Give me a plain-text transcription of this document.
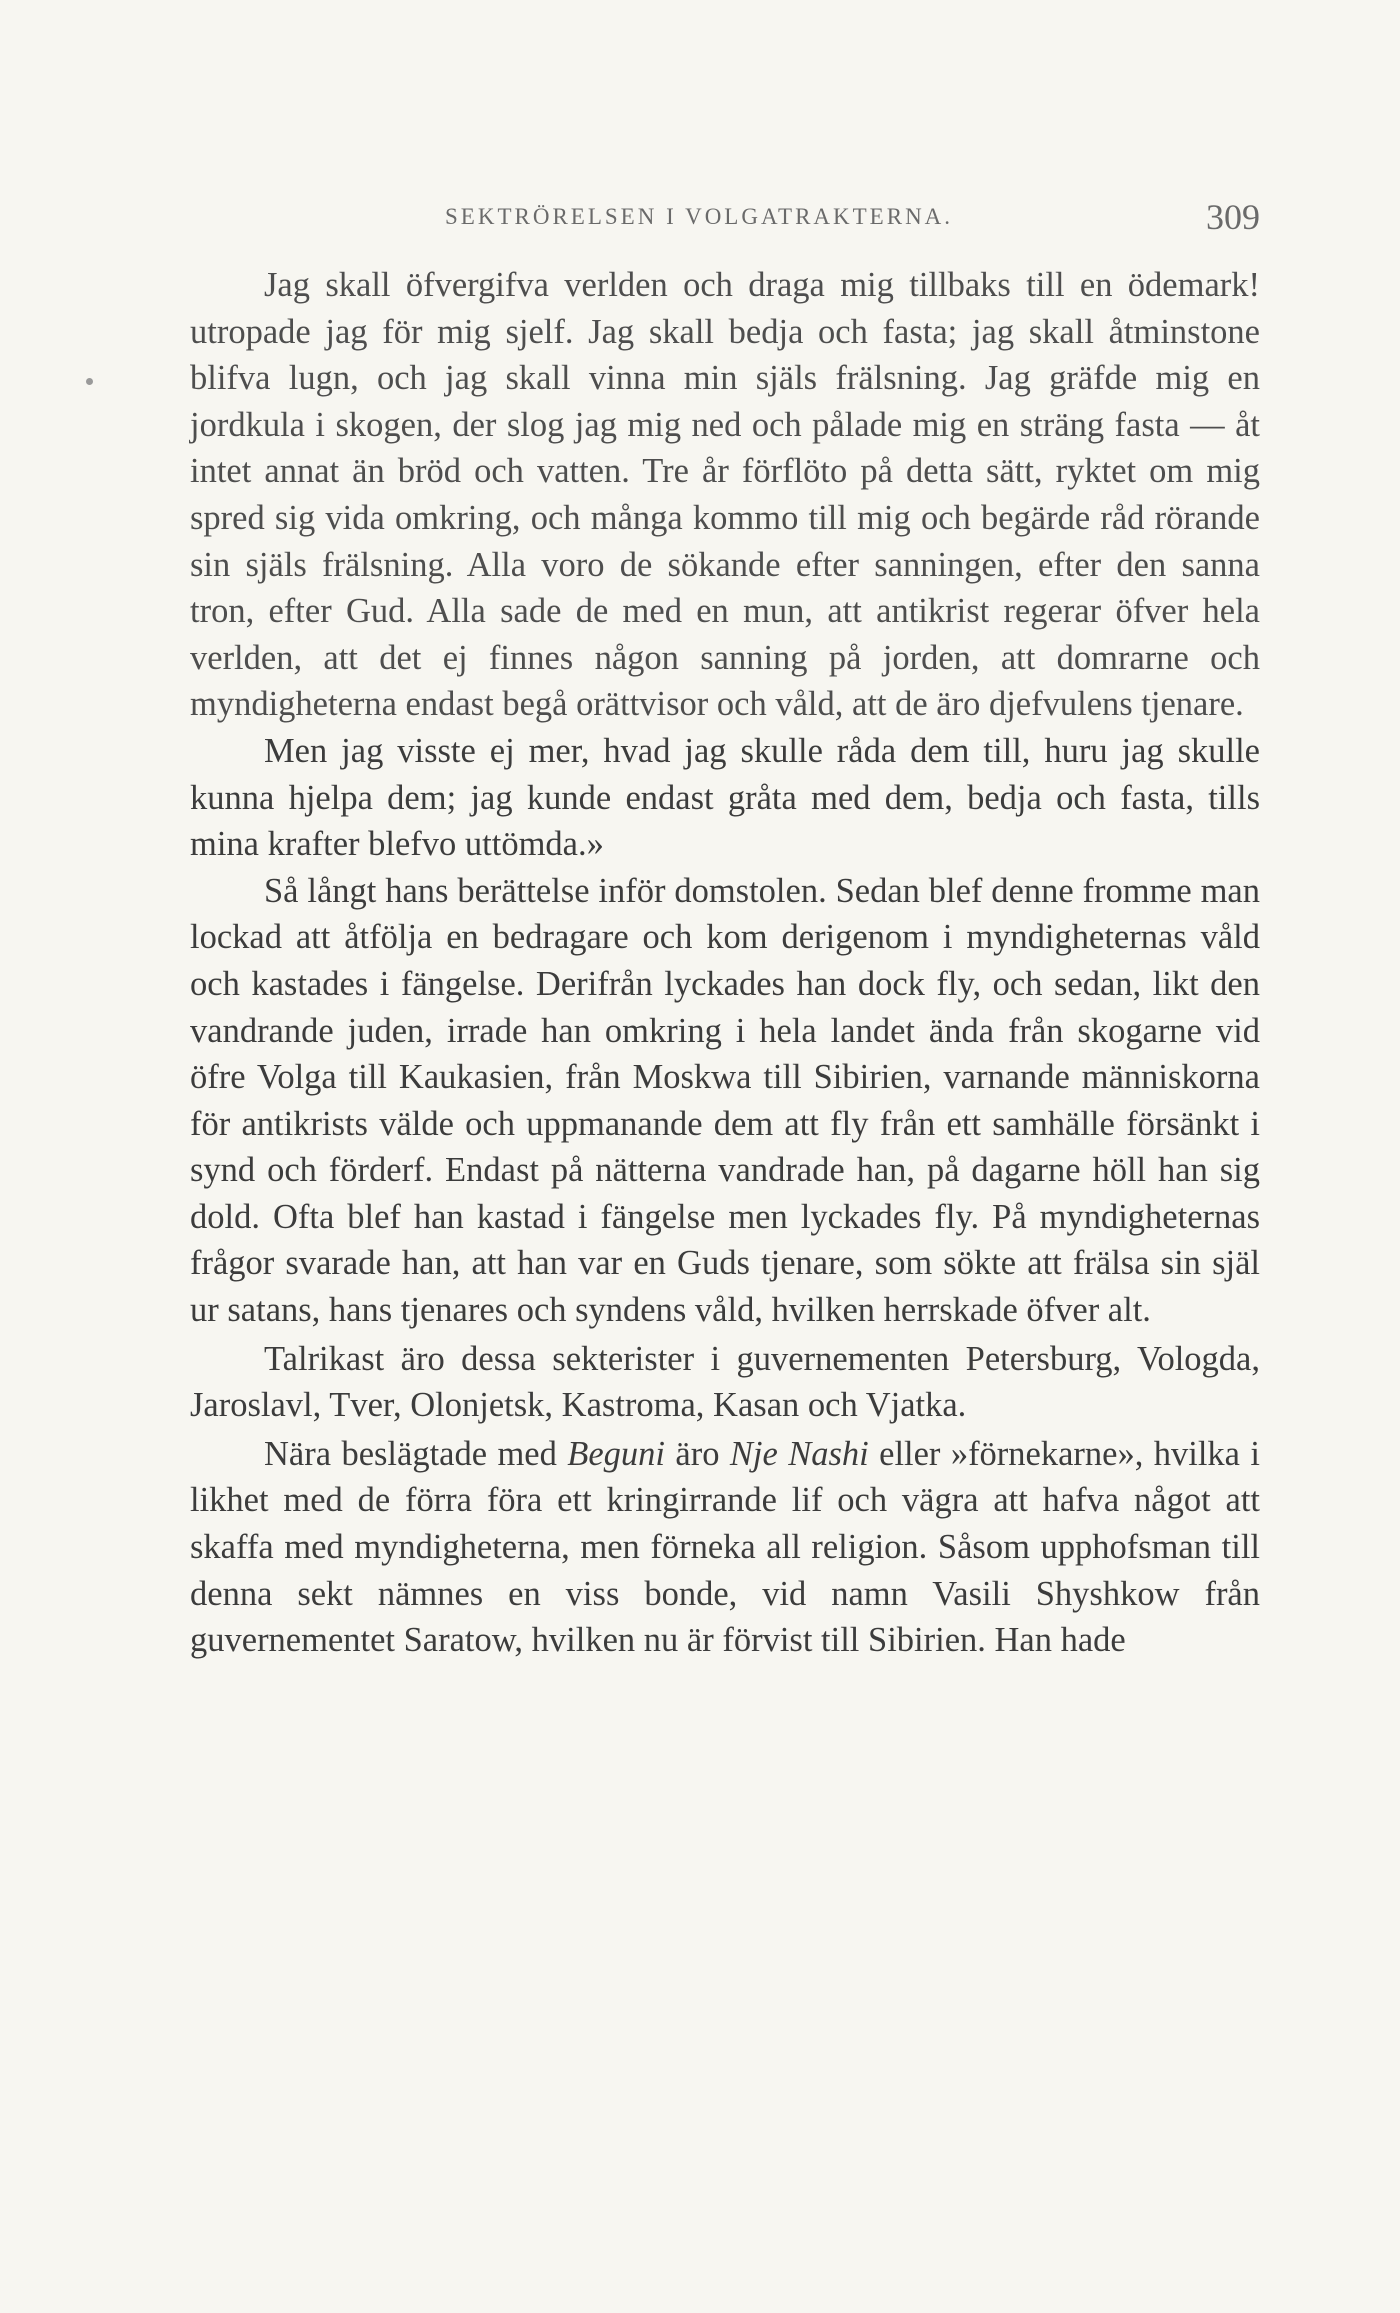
SEKTRÖRELSEN I VOLGATRAKTERNA.	309

Jag skall öfvergifva verlden och draga mig tillbaks till en ödemark! utropade jag för mig sjelf. Jag skall bedja och fasta; jag skall åtminstone blifva lugn, och jag skall vinna min själs frälsning. Jag gräfde mig en jordkula i skogen, der slog jag mig ned och pålade mig en sträng fasta — åt intet annat än bröd och vatten. Tre år förflöto på detta sätt, ryktet om mig spred sig vida omkring, och många kommo till mig och begärde råd rörande sin själs frälsning. Alla voro de sökande efter sanningen, efter den sanna tron, efter Gud. Alla sade de med en mun, att antikrist regerar öfver hela verlden, att det ej finnes någon sanning på jorden, att domrarne och myndigheterna endast begå orättvisor och våld, att de äro djefvulens tjenare.

Men jag visste ej mer, hvad jag skulle råda dem till, huru jag skulle kunna hjelpa dem; jag kunde endast gråta med dem, bedja och fasta, tills mina krafter blefvo uttömda.»

Så långt hans berättelse inför domstolen. Sedan blef denne fromme man lockad att åtfölja en bedragare och kom derigenom i myndigheternas våld och kastades i fängelse. Derifrån lyckades han dock fly, och sedan, likt den vandrande juden, irrade han omkring i hela landet ända från skogarne vid öfre Volga till Kaukasien, från Moskwa till Sibirien, varnande människorna för antikrists välde och uppmanande dem att fly från ett samhälle försänkt i synd och förderf. Endast på nätterna vandrade han, på dagarne höll han sig dold. Ofta blef han kastad i fängelse men lyckades fly. På myndigheternas frågor svarade han, att han var en Guds tjenare, som sökte att frälsa sin själ ur satans, hans tjenares och syndens våld, hvilken herrskade öfver alt.

Talrikast äro dessa sekterister i guvernementen Petersburg, Vologda, Jaroslavl, Tver, Olonjetsk, Kastroma, Kasan och Vjatka.

Nära beslägtade med Beguni äro Nje Nashi eller »förnekarne», hvilka i likhet med de förra föra ett kringirrande lif och vägra att hafva något att skaffa med myndigheterna, men förneka all religion. Såsom upphofsman till denna sekt nämnes en viss bonde, vid namn Vasili Shyshkow från guvernementet Saratow, hvilken nu är förvist till Sibirien. Han hade
